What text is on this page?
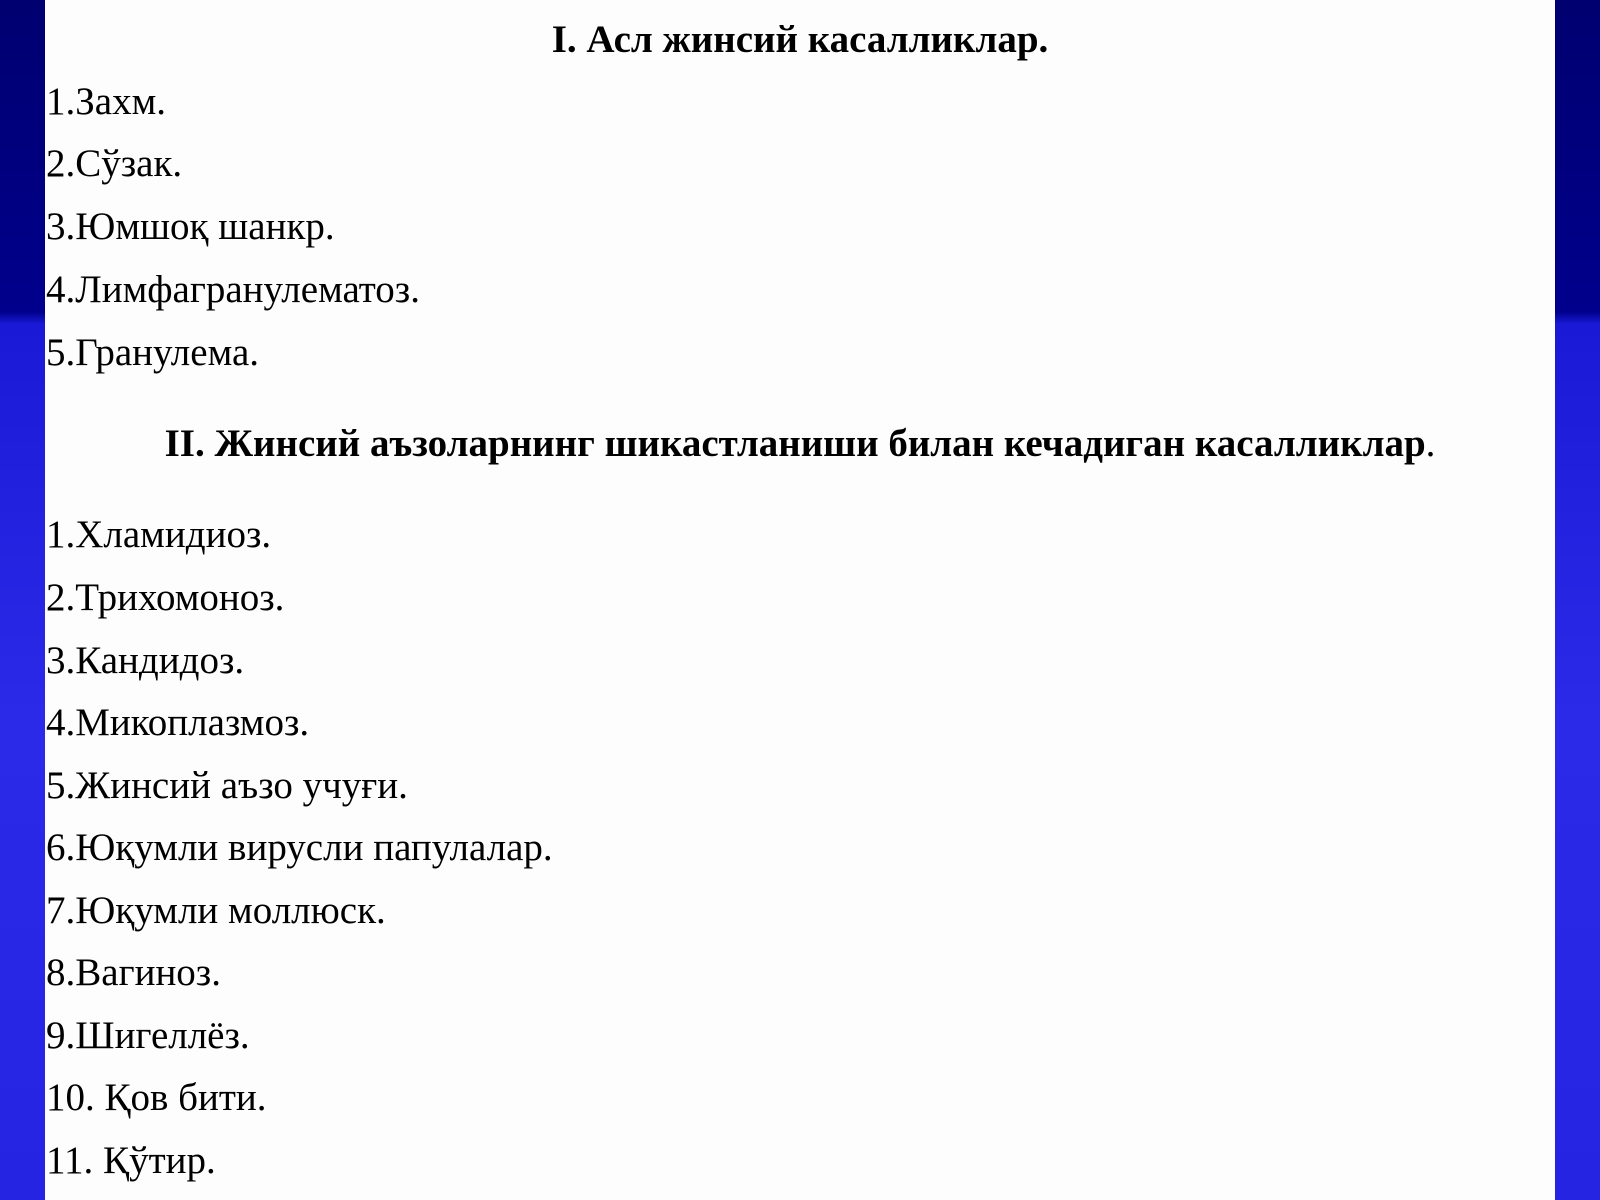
I. Асл жинсий касалликлар.

1.Захм.

2.Сўзак.

3.Юмшоқ шанкр.

4.Лимфагранулематоз.

5.Гранулема.

II. Жинсий аъзоларнинг шикастланиши билан кечадиган касалликлар.

1.Хламидиоз.

2.Трихомоноз.

3.Кандидоз.

4.Микоплазмоз.

5.Жинсий аъзо учуғи.

6.Юқумли вирусли папулалар.

7.Юқумли моллюск.

8.Вагиноз.

9.Шигеллёз.

10. Қов бити.

11. Қўтир.
